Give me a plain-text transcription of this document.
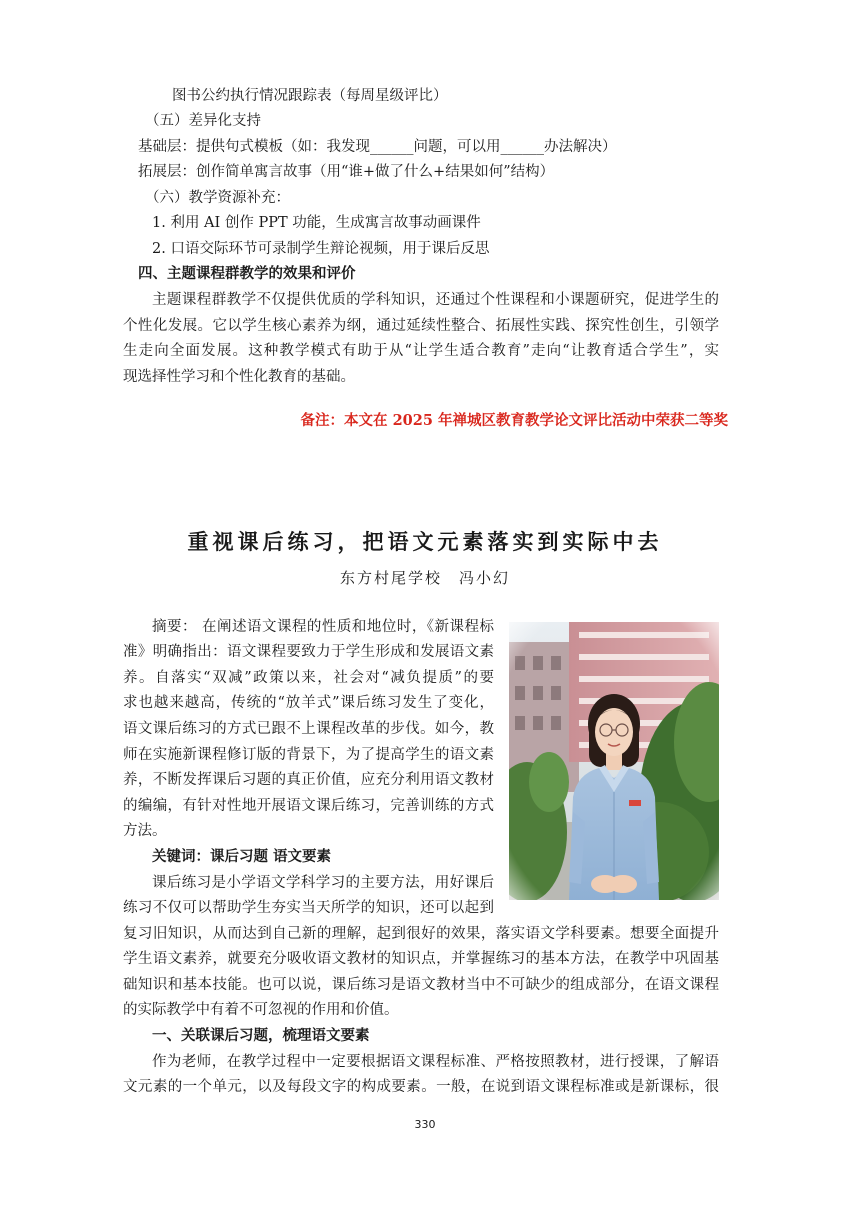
图书公约执行情况跟踪表（每周星级评比）
（五）差异化支持
基础层：提供句式模板（如：我发现______问题，可以用______办法解决）
拓展层：创作简单寓言故事（用“谁+做了什么+结果如何”结构）
（六）教学资源补充：
1. 利用 AI 创作 PPT 功能，生成寓言故事动画课件
2. 口语交际环节可录制学生辩论视频，用于课后反思
四、主题课程群教学的效果和评价
主题课程群教学不仅提供优质的学科知识，还通过个性课程和小课题研究，促进学生的
个性化发展。它以学生核心素养为纲，通过延续性整合、拓展性实践、探究性创生，引领学
生走向全面发展。这种教学模式有助于从“让学生适合教育”走向“让教育适合学生”，实
现选择性学习和个性化教育的基础。
备注：本文在 2025 年禅城区教育教学论文评比活动中荣获二等奖
重视课后练习，把语文元素落实到实际中去
东方村尾学校　冯小幻
摘要： 在阐述语文课程的性质和地位时，《新课程标
准》明确指出：语文课程要致力于学生形成和发展语文素
养。自落实“双减”政策以来，社会对“减负提质”的要
求也越来越高，传统的“放羊式”课后练习发生了变化，
语文课后练习的方式已跟不上课程改革的步伐。如今，教
师在实施新课程修订版的背景下，为了提高学生的语文素
养，不断发挥课后习题的真正价值，应充分利用语文教材
的编编，有针对性地开展语文课后练习，完善训练的方式
方法。
关键词：课后习题 语文要素
课后练习是小学语文学科学习的主要方法，用好课后
练习不仅可以帮助学生夯实当天所学的知识，还可以起到
复习旧知识，从而达到自己新的理解，起到很好的效果，落实语文学科要素。想要全面提升
学生语文素养，就要充分吸收语文教材的知识点，并掌握练习的基本方法，在教学中巩固基
础知识和基本技能。也可以说，课后练习是语文教材当中不可缺少的组成部分，在语文课程
的实际教学中有着不可忽视的作用和价值。
一、关联课后习题，梳理语文要素
作为老师，在教学过程中一定要根据语文课程标准、严格按照教材，进行授课，了解语
文元素的一个单元，以及每段文字的构成要素。一般，在说到语文课程标准或是新课标，很
330
